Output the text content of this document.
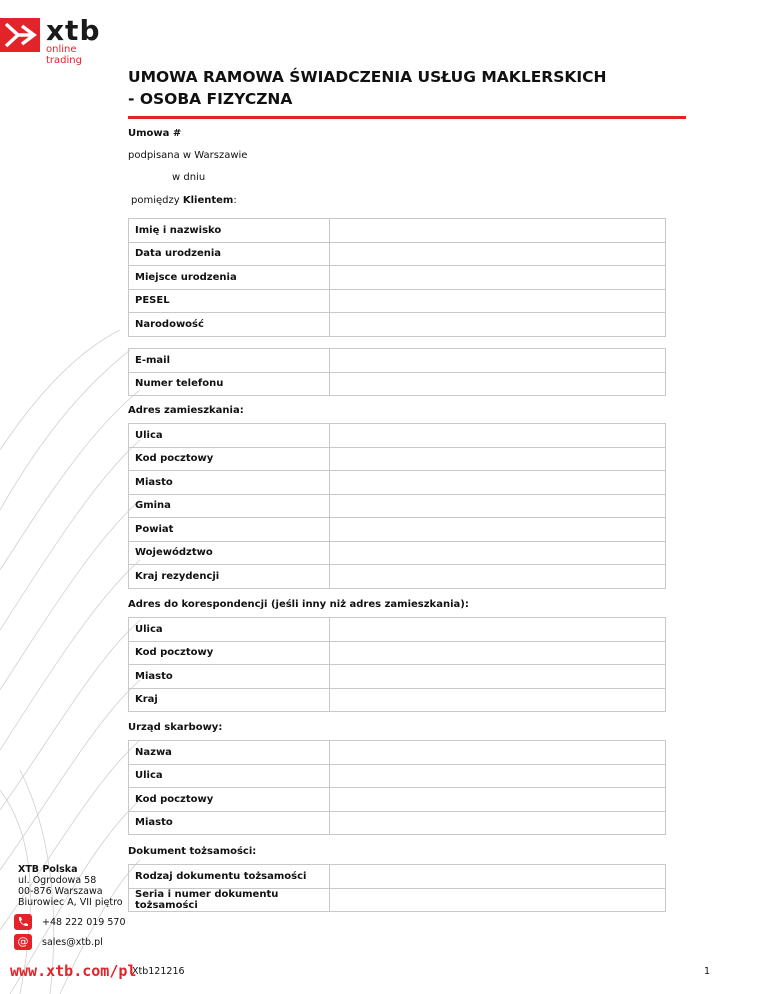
xtb
online trading
UMOWA RAMOWA ŚWIADCZENIA USŁUG MAKLERSKICH
- OSOBA FIZYCZNA
Umowa #
podpisana w Warszawie
w dniu
pomiędzy Klientem:
Imię i nazwisko	
Data urodzenia	
Miejsce urodzenia	
PESEL	
Narodowość	
E-mail	
Numer telefonu	
Adres zamieszkania:
Ulica	
Kod pocztowy	
Miasto	
Gmina	
Powiat	
Województwo	
Kraj rezydencji	
Adres do korespondencji (jeśli inny niż adres zamieszkania):
Ulica	
Kod pocztowy	
Miasto	
Kraj	
Urząd skarbowy:
Nazwa	
Ulica	
Kod pocztowy	
Miasto	
Dokument tożsamości:
Rodzaj dokumentu tożsamości	
Seria i numer dokumentu tożsamości	
XTB Polska
ul. Ogrodowa 58
00-876 Warszawa
Biurowiec A, VII piętro
+48 222 019 570
@	sales@xtb.pl
www.xtb.com/pl
Xtb121216	1
